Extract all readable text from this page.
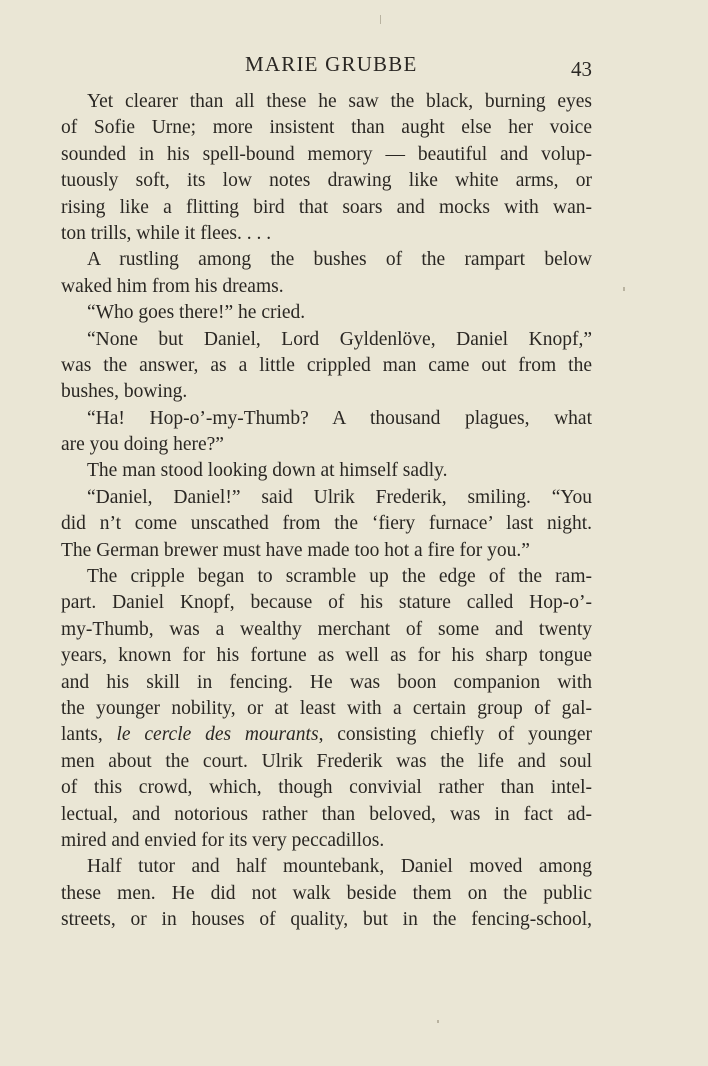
MARIE GRUBBE	43
Yet clearer than all these he saw the black, burning eyes
of Sofie Urne; more insistent than aught else her voice
sounded in his spell-bound memory — beautiful and volup-
tuously soft, its low notes drawing like white arms, or
rising like a flitting bird that soars and mocks with wan-
ton trills, while it flees. . . .
A rustling among the bushes of the rampart below
waked him from his dreams.
“Who goes there!” he cried.
“None but Daniel, Lord Gyldenlöve, Daniel Knopf,”
was the answer, as a little crippled man came out from the
bushes, bowing.
“Ha! Hop-o’-my-Thumb? A thousand plagues, what
are you doing here?”
The man stood looking down at himself sadly.
“Daniel, Daniel!” said Ulrik Frederik, smiling. “You
did n’t come unscathed from the ‘fiery furnace’ last night.
The German brewer must have made too hot a fire for you.”
The cripple began to scramble up the edge of the ram-
part. Daniel Knopf, because of his stature called Hop-o’-
my-Thumb, was a wealthy merchant of some and twenty
years, known for his fortune as well as for his sharp tongue
and his skill in fencing. He was boon companion with
the younger nobility, or at least with a certain group of gal-
lants, le cercle des mourants, consisting chiefly of younger
men about the court. Ulrik Frederik was the life and soul
of this crowd, which, though convivial rather than intel-
lectual, and notorious rather than beloved, was in fact ad-
mired and envied for its very peccadillos.
Half tutor and half mountebank, Daniel moved among
these men. He did not walk beside them on the public
streets, or in houses of quality, but in the fencing-school,
